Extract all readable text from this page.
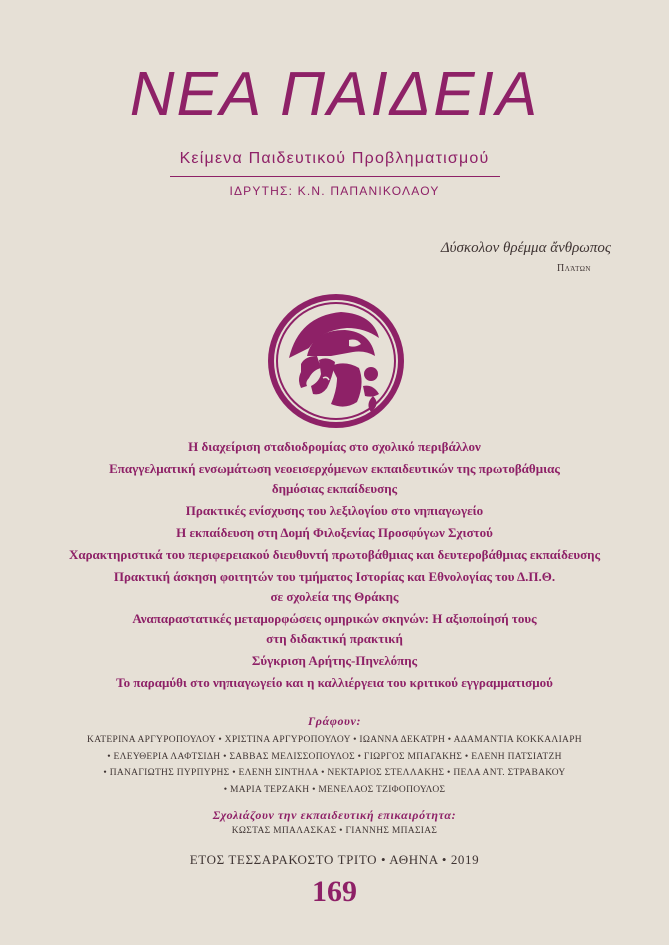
ΝΕΑ ΠΑΙΔΕΙΑ
Κείμενα Παιδευτικού Προβληματισμού
ΙΔΡΥΤΗΣ: Κ.Ν. ΠΑΠΑΝΙΚΟΛΑΟΥ
Δύσκολον θρέμμα ἄνθρωπος
Πλάτων

Η διαχείριση σταδιοδρομίας στο σχολικό περιβάλλον

Επαγγελματική ενσωμάτωση νεοεισερχόμενων εκπαιδευτικών της πρωτοβάθμιας

δημόσιας εκπαίδευσης

Πρακτικές ενίσχυσης του λεξιλογίου στο νηπιαγωγείο

Η εκπαίδευση στη Δομή Φιλοξενίας Προσφύγων Σχιστού

Χαρακτηριστικά του περιφερειακού διευθυντή πρωτοβάθμιας και δευτεροβάθμιας εκπαίδευσης

Πρακτική άσκηση φοιτητών του τμήματος Ιστορίας και Εθνολογίας του Δ.Π.Θ.

σε σχολεία της Θράκης

Αναπαραστατικές μεταμορφώσεις ομηρικών σκηνών: Η αξιοποίησή τους

στη διδακτική πρακτική

Σύγκριση Αρήτης-Πηνελόπης

Το παραμύθι στο νηπιαγωγείο και η καλλιέργεια του κριτικού εγγραμματισμού

Γράφουν:
ΚΑΤΕΡΙΝΑ ΑΡΓΥΡΟΠΟΥΛΟΥ • ΧΡΙΣΤΙΝΑ ΑΡΓΥΡΟΠΟΥΛΟΥ • ΙΩΑΝΝΑ ΔΕΚΑΤΡΗ • ΑΔΑΜΑΝΤΙΑ ΚΟΚΚΑΛΙΑΡΗ
• ΕΛΕΥΘΕΡΙΑ ΛΑΦΤΣΙΔΗ • ΣΑΒΒΑΣ ΜΕΛΙΣΣΟΠΟΥΛΟΣ • ΓΙΩΡΓΟΣ ΜΠΑΓΑΚΗΣ • ΕΛΕΝΗ ΠΑΤΣΙΑΤΖΗ
• ΠΑΝΑΓΙΩΤΗΣ ΠΥΡΠΥΡΗΣ • ΕΛΕΝΗ ΣΙΝΤΗΛΑ • ΝΕΚΤΑΡΙΟΣ ΣΤΕΛΛΑΚΗΣ • ΠΕΛΑ ΑΝΤ. ΣΤΡΑΒΑΚΟΥ
• ΜΑΡΙΑ ΤΕΡΖΑΚΗ • ΜΕΝΕΛΑΟΣ ΤΖΙΦΟΠΟΥΛΟΣ
Σχολιάζουν την εκπαιδευτική επικαιρότητα:
ΚΩΣΤΑΣ ΜΠΑΛΑΣΚΑΣ • ΓΙΑΝΝΗΣ ΜΠΑΣΙΑΣ
ΕΤΟΣ ΤΕΣΣΑΡΑΚΟΣΤΟ ΤΡΙΤΟ • ΑΘΗΝΑ • 2019
169
